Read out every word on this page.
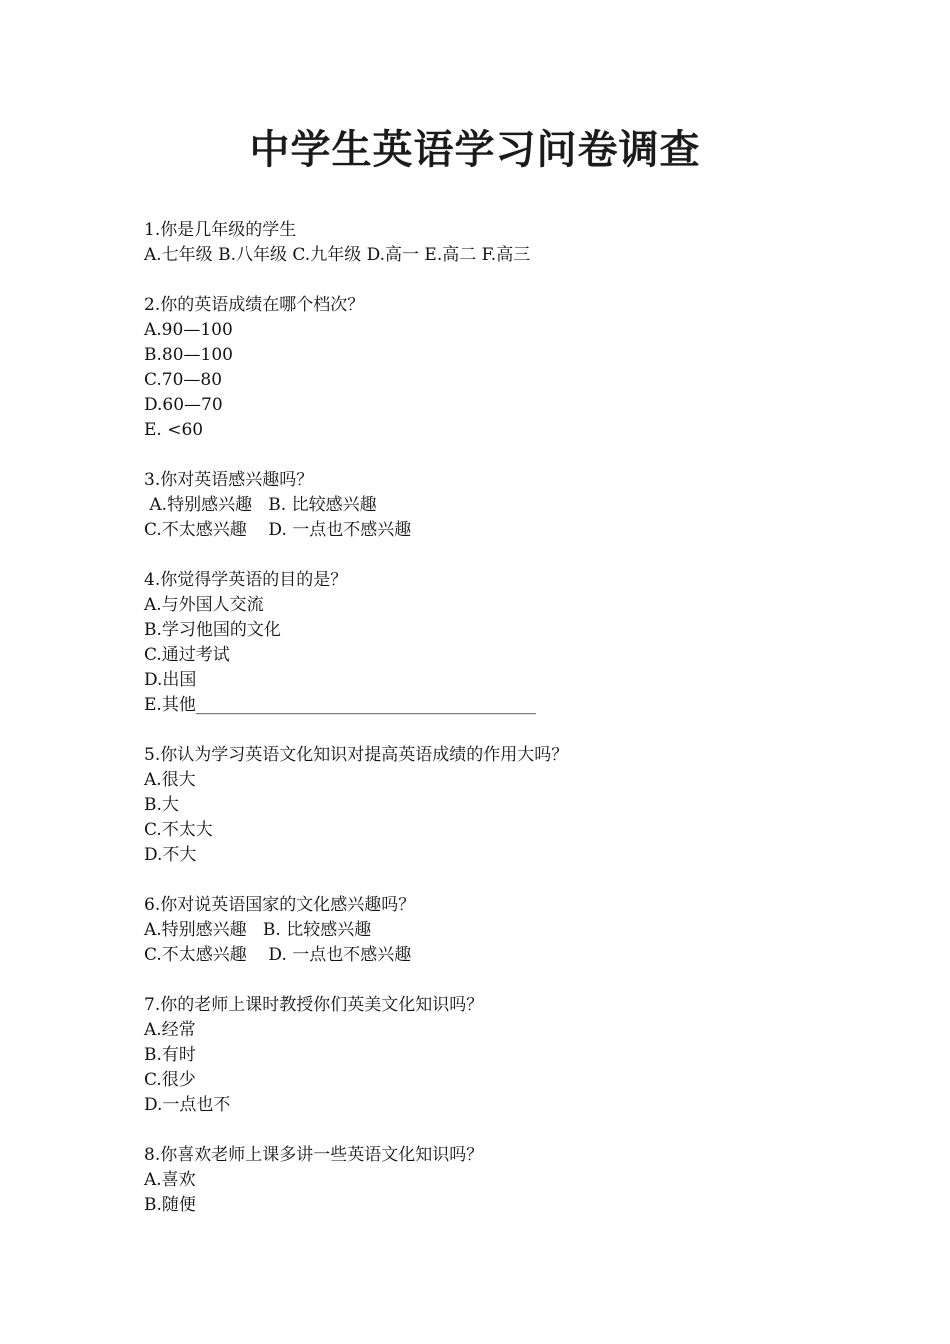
中学生英语学习问卷调查
1.你是几年级的学生
A.七年级 B.八年级 C.九年级 D.高一 E.高二 F.高三
2.你的英语成绩在哪个档次？
A.90—100
B.80—100
C.70—80
D.60—70
E. <60
3.你对英语感兴趣吗？
A.特别感兴趣   B. 比较感兴趣
C.不太感兴趣    D. 一点也不感兴趣
4.你觉得学英语的目的是？
A.与外国人交流
B.学习他国的文化
C.通过考试
D.出国
E.其他________________________________________
5.你认为学习英语文化知识对提高英语成绩的作用大吗？
A.很大
B.大
C.不太大
D.不大
6.你对说英语国家的文化感兴趣吗？
A.特别感兴趣   B. 比较感兴趣
C.不太感兴趣    D. 一点也不感兴趣
7.你的老师上课时教授你们英美文化知识吗？
A.经常
B.有时
C.很少
D.一点也不
8.你喜欢老师上课多讲一些英语文化知识吗？
A.喜欢
B.随便
